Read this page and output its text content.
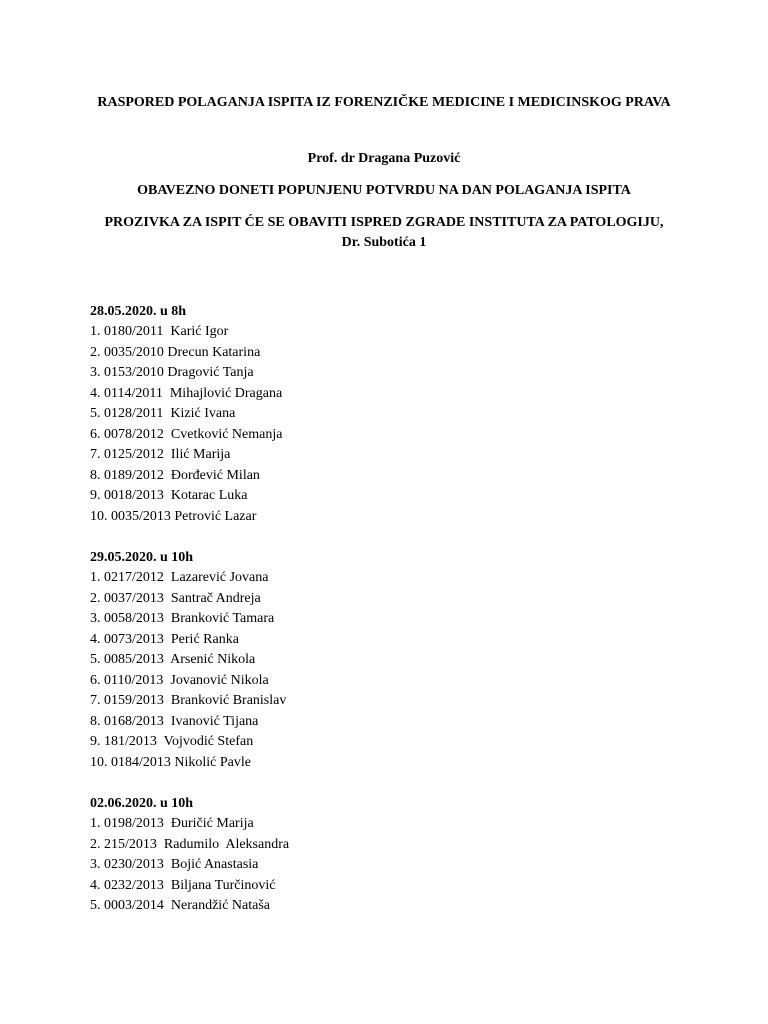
RASPORED POLAGANJA ISPITA IZ FORENZIČKE MEDICINE I MEDICINSKOG PRAVA
Prof. dr Dragana Puzović
OBAVEZNO DONETI POPUNJENU POTVRDU NA DAN POLAGANJA ISPITA
PROZIVKA ZA ISPIT ĆE SE OBAVITI ISPRED ZGRADE INSTITUTA ZA PATOLOGIJU, Dr. Subotića 1
28.05.2020. u 8h
1. 0180/2011  Karić Igor
2. 0035/2010 Drecun Katarina
3. 0153/2010 Dragović Tanja
4. 0114/2011  Mihajlović Dragana
5. 0128/2011  Kizić Ivana
6. 0078/2012  Cvetković Nemanja
7. 0125/2012  Ilić Marija
8. 0189/2012  Đorđević Milan
9. 0018/2013  Kotarac Luka
10. 0035/2013 Petrović Lazar
29.05.2020. u 10h
1. 0217/2012  Lazarević Jovana
2. 0037/2013  Santrač Andreja
3. 0058/2013  Branković Tamara
4. 0073/2013  Perić Ranka
5. 0085/2013  Arsenić Nikola
6. 0110/2013  Jovanović Nikola
7. 0159/2013  Branković Branislav
8. 0168/2013  Ivanović Tijana
9. 181/2013  Vojvodić Stefan
10. 0184/2013 Nikolić Pavle
02.06.2020. u 10h
1. 0198/2013  Đuričić Marija
2. 215/2013  Radumilo  Aleksandra
3. 0230/2013  Bojić Anastasia
4. 0232/2013  Biljana Turčinović
5. 0003/2014  Nerandžić Nataša
